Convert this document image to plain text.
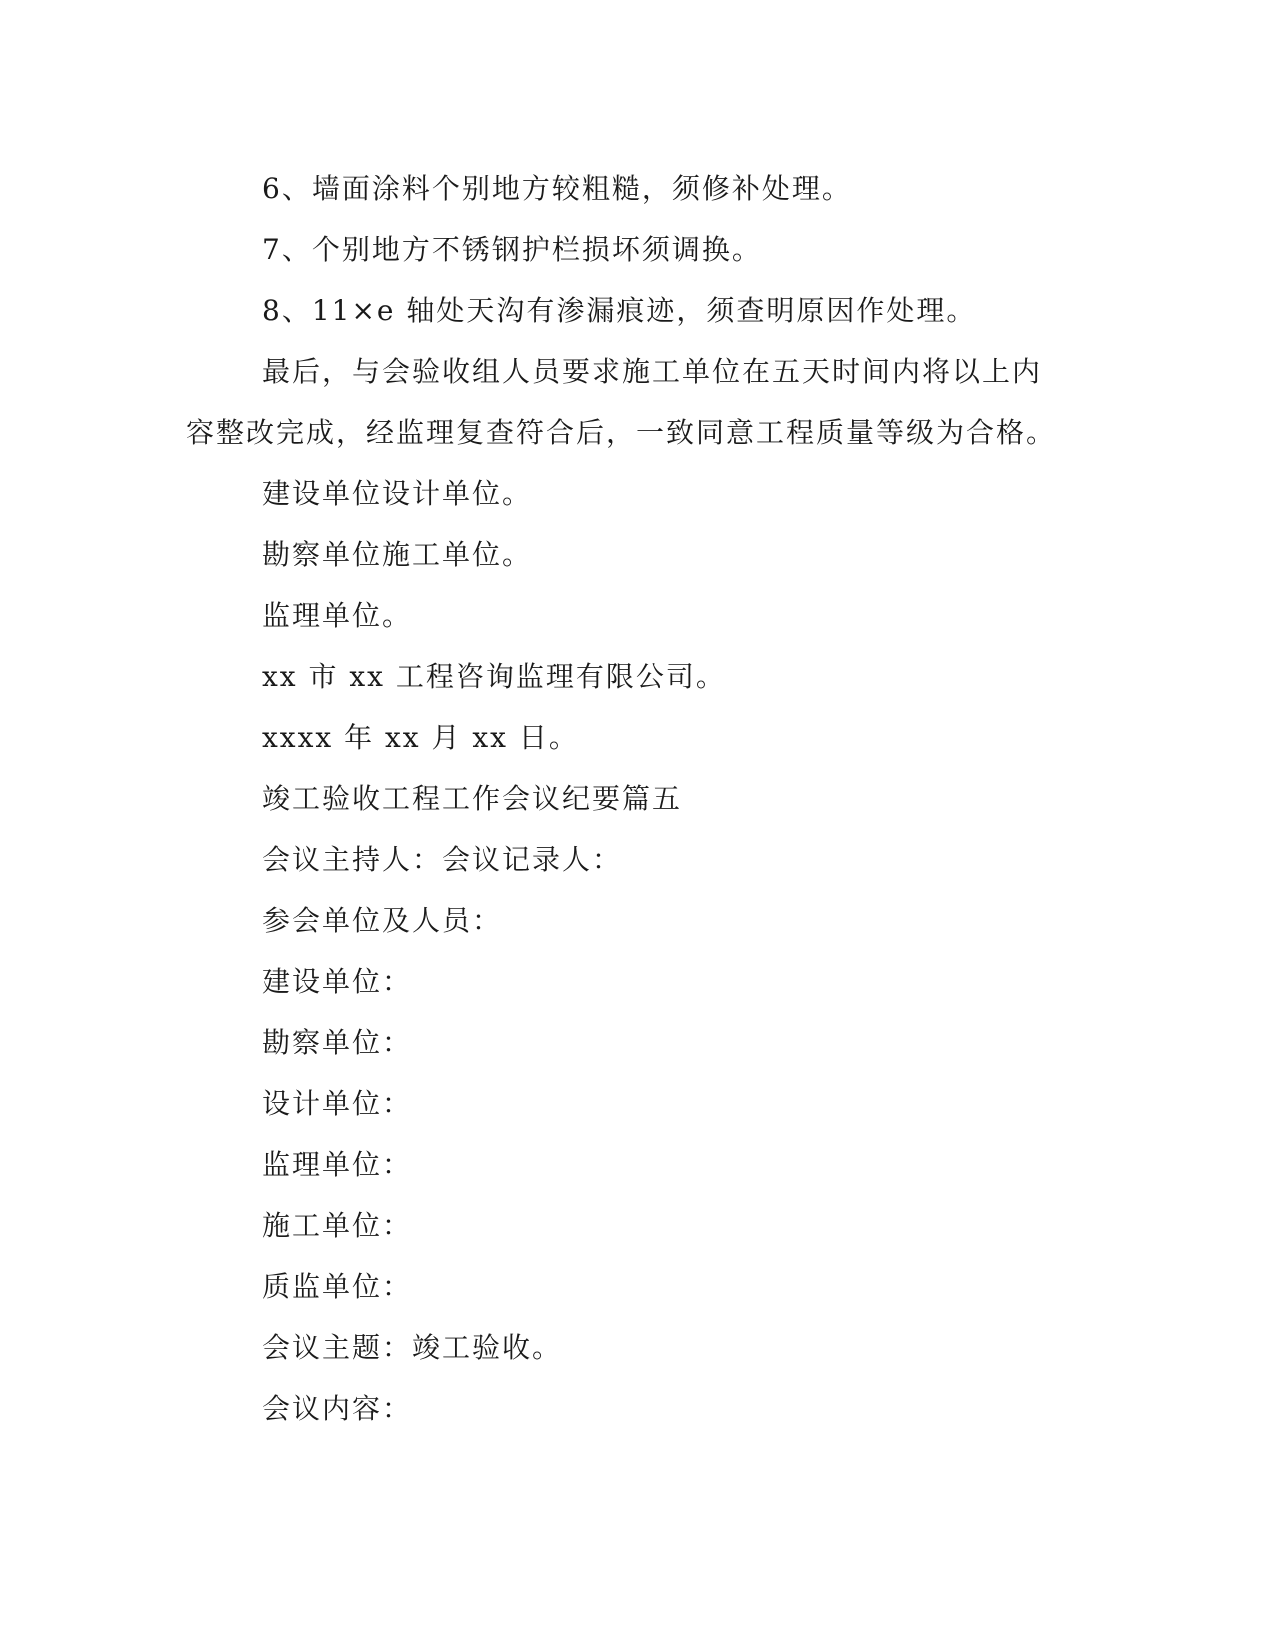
6、墙面涂料个别地方较粗糙，须修补处理。

7、个别地方不锈钢护栏损坏须调换。

8、11×e 轴处天沟有渗漏痕迹，须查明原因作处理。

最后，与会验收组人员要求施工单位在五天时间内将以上内容整改完成，经监理复查符合后，一致同意工程质量等级为合格。

建设单位设计单位。

勘察单位施工单位。

监理单位。

xx 市 xx 工程咨询监理有限公司。

xxxx 年 xx 月 xx 日。

竣工验收工程工作会议纪要篇五

会议主持人：会议记录人：

参会单位及人员：

建设单位：

勘察单位：

设计单位：

监理单位：

施工单位：

质监单位：

会议主题：竣工验收。

会议内容：
